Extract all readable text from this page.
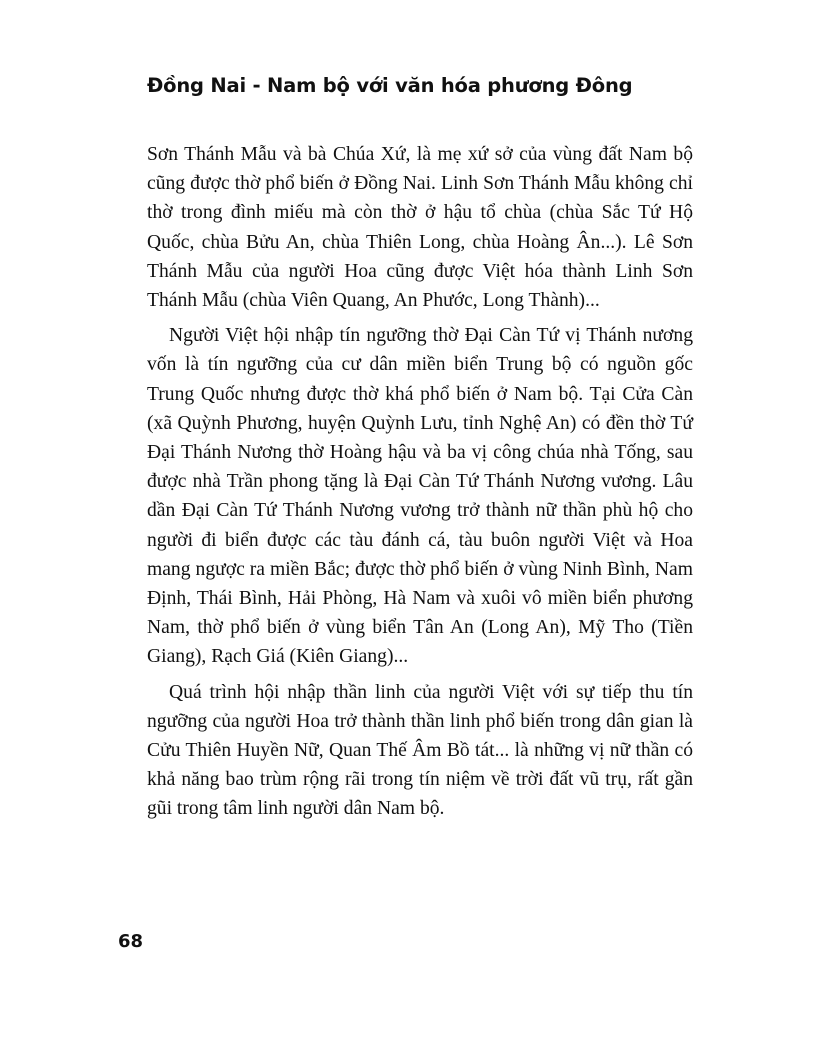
Đồng Nai - Nam bộ với văn hóa phương Đông

Sơn Thánh Mẫu và bà Chúa Xứ, là mẹ xứ sở của vùng đất Nam bộ cũng được thờ phổ biến ở Đồng Nai. Linh Sơn Thánh Mẫu không chỉ thờ trong đình miếu mà còn thờ ở hậu tổ chùa (chùa Sắc Tứ Hộ Quốc, chùa Bửu An, chùa Thiên Long, chùa Hoàng Ân...). Lê Sơn Thánh Mẫu của người Hoa cũng được Việt hóa thành Linh Sơn Thánh Mẫu (chùa Viên Quang, An Phước, Long Thành)...

Người Việt hội nhập tín ngưỡng thờ Đại Càn Tứ vị Thánh nương vốn là tín ngưỡng của cư dân miền biển Trung bộ có nguồn gốc Trung Quốc nhưng được thờ khá phổ biến ở Nam bộ. Tại Cửa Càn (xã Quỳnh Phương, huyện Quỳnh Lưu, tỉnh Nghệ An) có đền thờ Tứ Đại Thánh Nương thờ Hoàng hậu và ba vị công chúa nhà Tống, sau được nhà Trần phong tặng là Đại Càn Tứ Thánh Nương vương. Lâu dần Đại Càn Tứ Thánh Nương vương trở thành nữ thần phù hộ cho người đi biển được các tàu đánh cá, tàu buôn người Việt và Hoa mang ngược ra miền Bắc; được thờ phổ biến ở vùng Ninh Bình, Nam Định, Thái Bình, Hải Phòng, Hà Nam và xuôi vô miền biển phương Nam, thờ phổ biến ở vùng biển Tân An (Long An), Mỹ Tho (Tiền Giang), Rạch Giá (Kiên Giang)...

Quá trình hội nhập thần linh của người Việt với sự tiếp thu tín ngưỡng của người Hoa trở thành thần linh phổ biến trong dân gian là Cửu Thiên Huyền Nữ, Quan Thế Âm Bồ tát... là những vị nữ thần có khả năng bao trùm rộng rãi trong tín niệm về trời đất vũ trụ, rất gần gũi trong tâm linh người dân Nam bộ.

68
